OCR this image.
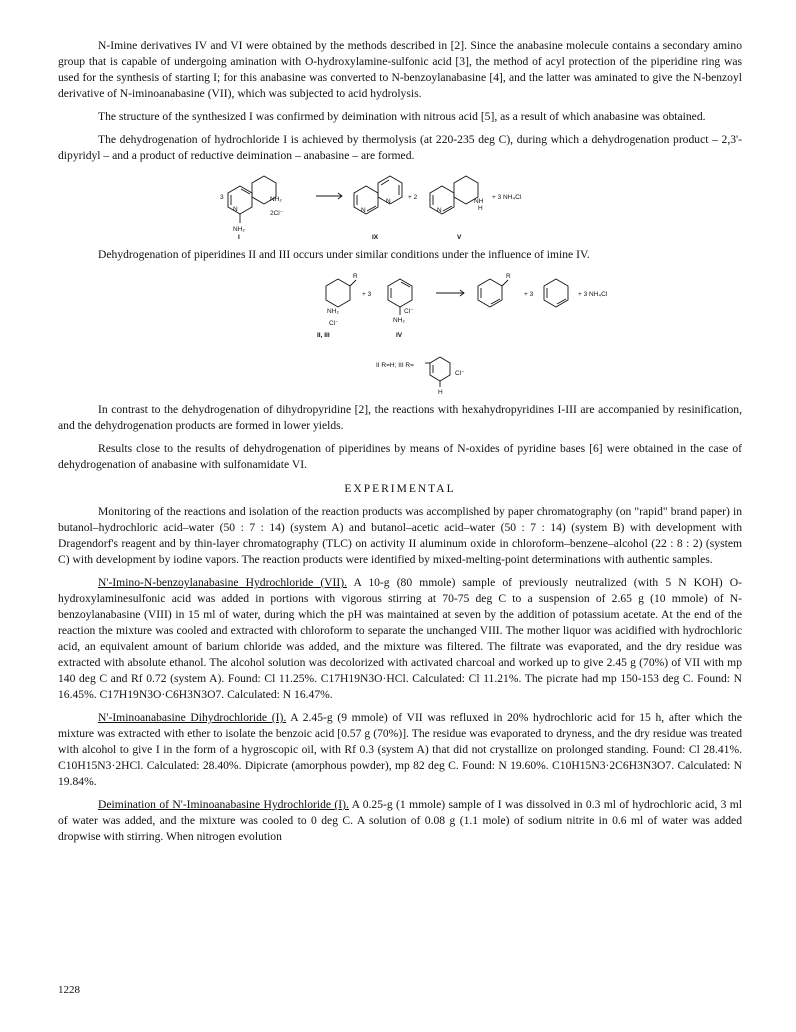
N-Imine derivatives IV and VI were obtained by the methods described in [2]. Since the anabasine molecule contains a secondary amino group that is capable of undergoing amination with O-hydroxylamine-sulfonic acid [3], the method of acyl protection of the piperidine ring was used for the synthesis of starting I; for this anabasine was converted to N-benzoylanabasine [4], and the latter was aminated to give the N-benzoyl derivative of N-iminoanabasine (VII), which was subjected to acid hydrolysis.

The structure of the synthesized I was confirmed by deimination with nitrous acid [5], as a result of which anabasine was obtained.

The dehydrogenation of hydrochloride I is achieved by thermolysis (at 220-235 deg C), during which a dehydrogenation product – 2,3'-dipyridyl – and a product of reductive deimination – anabasine – are formed.

3
N
NH₂
NH₂
2Cl⁻
+ 2
N
N
N
NH
H
+ 3 NH₄Cl
I	IX	V

Dehydrogenation of piperidines II and III occurs under similar conditions under the influence of imine IV.

R
NH₂
Cl⁻
+ 3
Cl⁻
NH₂
R
+ 3	+ 3 NH₄Cl
II, III	IV
II R=H; III R=
Cl⁻
H

In contrast to the dehydrogenation of dihydropyridine [2], the reactions with hexahydropyridines I-III are accompanied by resinification, and the dehydrogenation products are formed in lower yields.

Results close to the results of dehydrogenation of piperidines by means of N-oxides of pyridine bases [6] were obtained in the case of dehydrogenation of anabasine with sulfonamidate VI.

EXPERIMENTAL

Monitoring of the reactions and isolation of the reaction products was accomplished by paper chromatography (on "rapid" brand paper) in butanol–hydrochloric acid–water (50 : 7 : 14) (system A) and butanol–acetic acid–water (50 : 7 : 14) (system B) with development with Dragendorf's reagent and by thin-layer chromatography (TLC) on activity II aluminum oxide in chloroform–benzene–alcohol (22 : 8 : 2) (system C) with development by iodine vapors. The reaction products were identified by mixed-melting-point determinations with authentic samples.

N'-Imino-N-benzoylanabasine Hydrochloride (VII). A 10-g (80 mmole) sample of previously neutralized (with 5 N KOH) O-hydroxylaminesulfonic acid was added in portions with vigorous stirring at 70-75 deg C to a suspension of 2.65 g (10 mmole) of N-benzoylanabasine (VIII) in 15 ml of water, during which the pH was maintained at seven by the addition of potassium acetate. At the end of the reaction the mixture was cooled and extracted with chloroform to separate the unchanged VIII. The mother liquor was acidified with hydrochloric acid, an equivalent amount of barium chloride was added, and the mixture was filtered. The filtrate was evaporated, and the dry residue was extracted with absolute ethanol. The alcohol solution was decolorized with activated charcoal and worked up to give 2.45 g (70%) of VII with mp 140 deg C and Rf 0.72 (system A). Found: Cl 11.25%. C17H19N3O·HCl. Calculated: Cl 11.21%. The picrate had mp 150-153 deg C. Found: N 16.45%. C17H19N3O·C6H3N3O7. Calculated: N 16.47%.

N'-Iminoanabasine Dihydrochloride (I). A 2.45-g (9 mmole) of VII was refluxed in 20% hydrochloric acid for 15 h, after which the mixture was extracted with ether to isolate the benzoic acid [0.57 g (70%)]. The residue was evaporated to dryness, and the dry residue was treated with alcohol to give I in the form of a hygroscopic oil, with Rf 0.3 (system A) that did not crystallize on prolonged standing. Found: Cl 28.41%. C10H15N3·2HCl. Calculated: 28.40%. Dipicrate (amorphous powder), mp 82 deg C. Found: N 19.60%. C10H15N3·2C6H3N3O7. Calculated: N 19.84%.

Deimination of N'-Iminoanabasine Hydrochloride (I). A 0.25-g (1 mmole) sample of I was dissolved in 0.3 ml of hydrochloric acid, 3 ml of water was added, and the mixture was cooled to 0 deg C. A solution of 0.08 g (1.1 mole) of sodium nitrite in 0.6 ml of water was added dropwise with stirring. When nitrogen evolution

1228
